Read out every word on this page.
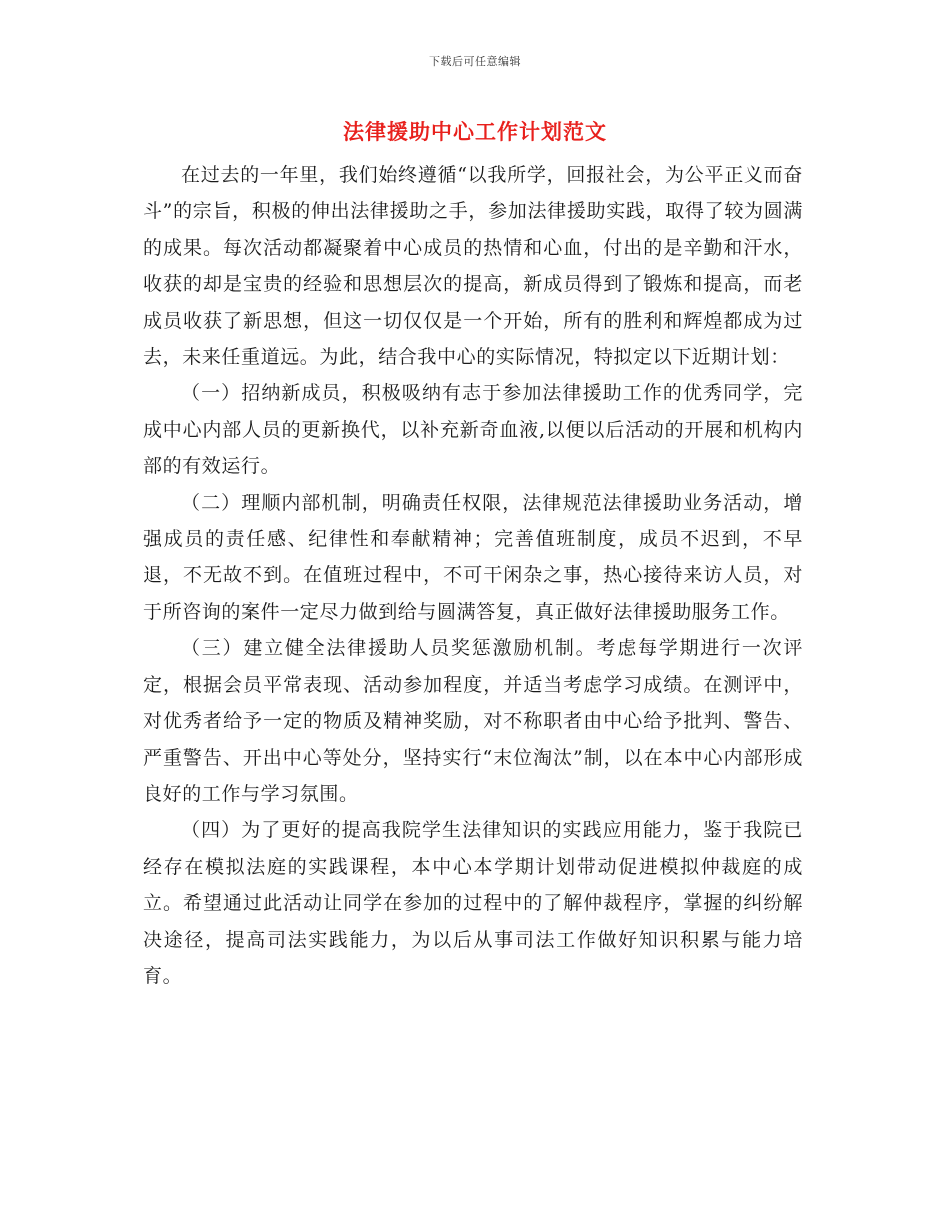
下载后可任意编辑
法律援助中心工作计划范文

在过去的一年里，我们始终遵循“以我所学，回报社会，为公平正义而奋斗”的宗旨，积极的伸出法律援助之手，参加法律援助实践，取得了较为圆满的成果。每次活动都凝聚着中心成员的热情和心血，付出的是辛勤和汗水，收获的却是宝贵的经验和思想层次的提高，新成员得到了锻炼和提高，而老成员收获了新思想，但这一切仅仅是一个开始，所有的胜利和辉煌都成为过去，未来任重道远。为此，结合我中心的实际情况，特拟定以下近期计划：

（一）招纳新成员，积极吸纳有志于参加法律援助工作的优秀同学，完成中心内部人员的更新换代，以补充新奇血液,以便以后活动的开展和机构内部的有效运行。

（二）理顺内部机制，明确责任权限，法律规范法律援助业务活动，增强成员的责任感、纪律性和奉献精神；完善值班制度，成员不迟到，不早退，不无故不到。在值班过程中，不可干闲杂之事，热心接待来访人员，对于所咨询的案件一定尽力做到给与圆满答复，真正做好法律援助服务工作。

（三）建立健全法律援助人员奖惩激励机制。考虑每学期进行一次评定，根据会员平常表现、活动参加程度，并适当考虑学习成绩。在测评中，对优秀者给予一定的物质及精神奖励，对不称职者由中心给予批判、警告、严重警告、开出中心等处分，坚持实行“末位淘汰”制，以在本中心内部形成良好的工作与学习氛围。

（四）为了更好的提高我院学生法律知识的实践应用能力，鉴于我院已经存在模拟法庭的实践课程，本中心本学期计划带动促进模拟仲裁庭的成立。希望通过此活动让同学在参加的过程中的了解仲裁程序，掌握的纠纷解决途径，提高司法实践能力，为以后从事司法工作做好知识积累与能力培育。
